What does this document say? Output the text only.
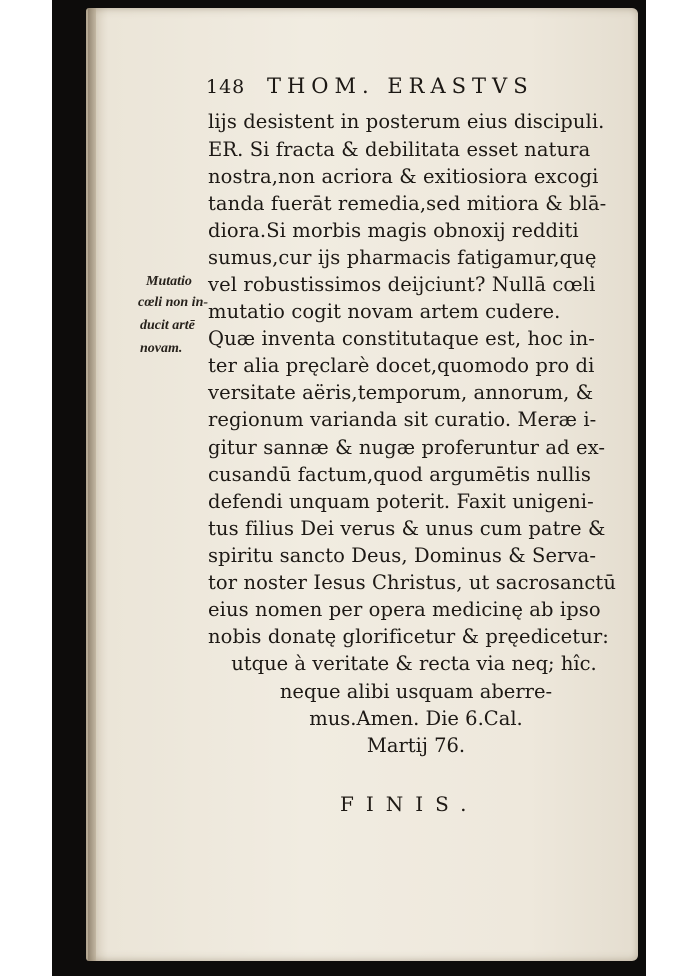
148 THOM. ERASTVS
lijs desistent in posterum eius discipuli.
ER. Si fracta & debilitata esset natura
nostra,non acriora & exitiosiora excogi
tanda fuerāt remedia,sed mitiora & blā-
diora.Si morbis magis obnoxij redditi
sumus,cur ijs pharmacis fatigamur,quę
vel robustissimos deijciunt? Nullā cœli
mutatio cogit novam artem cudere.
Quæ inventa constitutaque est, hoc in-
ter alia pręclarè docet,quomodo pro di
versitate aëris,temporum, annorum, &
regionum varianda sit curatio. Meræ i-
gitur sannæ & nugæ proferuntur ad ex-
cusandū factum,quod argumētis nullis
defendi unquam poterit. Faxit unigeni-
tus filius Dei verus & unus cum patre &
spiritu sancto Deus, Dominus & Serva-
tor noster Iesus Christus, ut sacrosanctū
eius nomen per opera medicinę ab ipso
nobis donatę glorificetur & pręedicetur:
utque à veritate & recta via neq; hîc.
neque alibi usquam aberre-
mus.Amen. Die 6.Cal.
Martij 76.
Mutatio
cœli non in-
ducit artē
novam.
FINIS.
